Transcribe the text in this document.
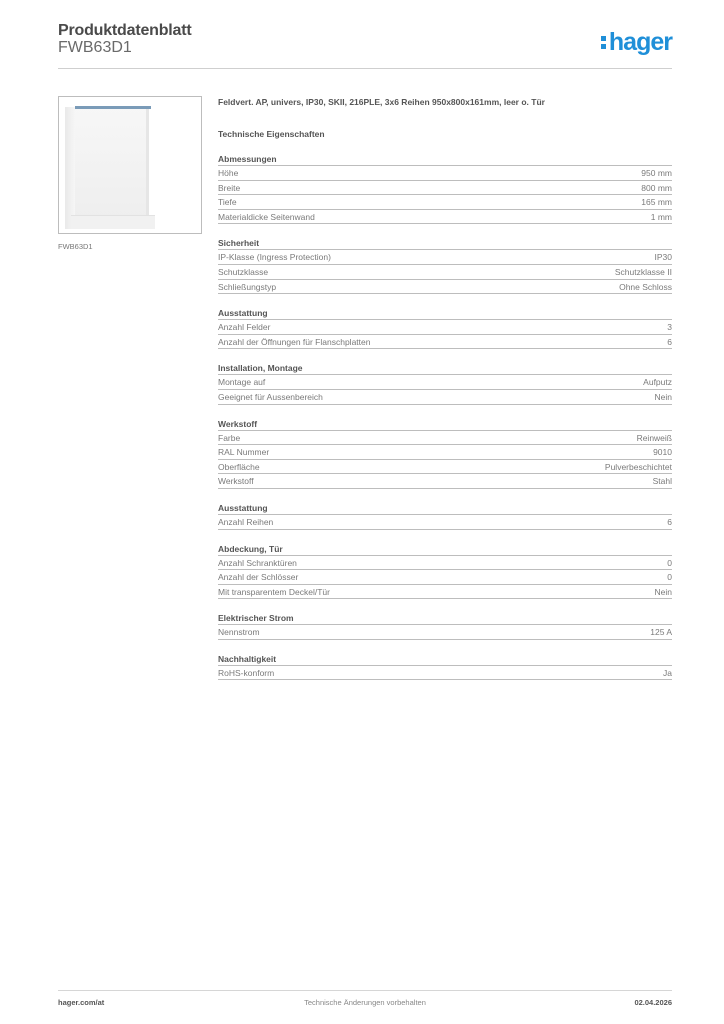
Produktdatenblatt
FWB63D1	hager
FWB63D1
Feldvert. AP, univers, IP30, SKII, 216PLE, 3x6 Reihen 950x800x161mm, leer o. Tür
Technische Eigenschaften
Abmessungen
Höhe	950 mm
Breite	800 mm
Tiefe	165 mm
Materialdicke Seitenwand	1 mm
Sicherheit
IP-Klasse (Ingress Protection)	IP30
Schutzklasse	Schutzklasse II
Schließungstyp	Ohne Schloss
Ausstattung
Anzahl Felder	3
Anzahl der Öffnungen für Flanschplatten	6
Installation, Montage
Montage auf	Aufputz
Geeignet für Aussenbereich	Nein
Werkstoff
Farbe	Reinweiß
RAL Nummer	9010
Oberfläche	Pulverbeschichtet
Werkstoff	Stahl
Ausstattung
Anzahl Reihen	6
Abdeckung, Tür
Anzahl Schranktüren	0
Anzahl der Schlösser	0
Mit transparentem Deckel/Tür	Nein
Elektrischer Strom
Nennstrom	125 A
Nachhaltigkeit
RoHS-konform	Ja
Technische Änderungen vorbehalten
hager.com/at	02.04.2026
